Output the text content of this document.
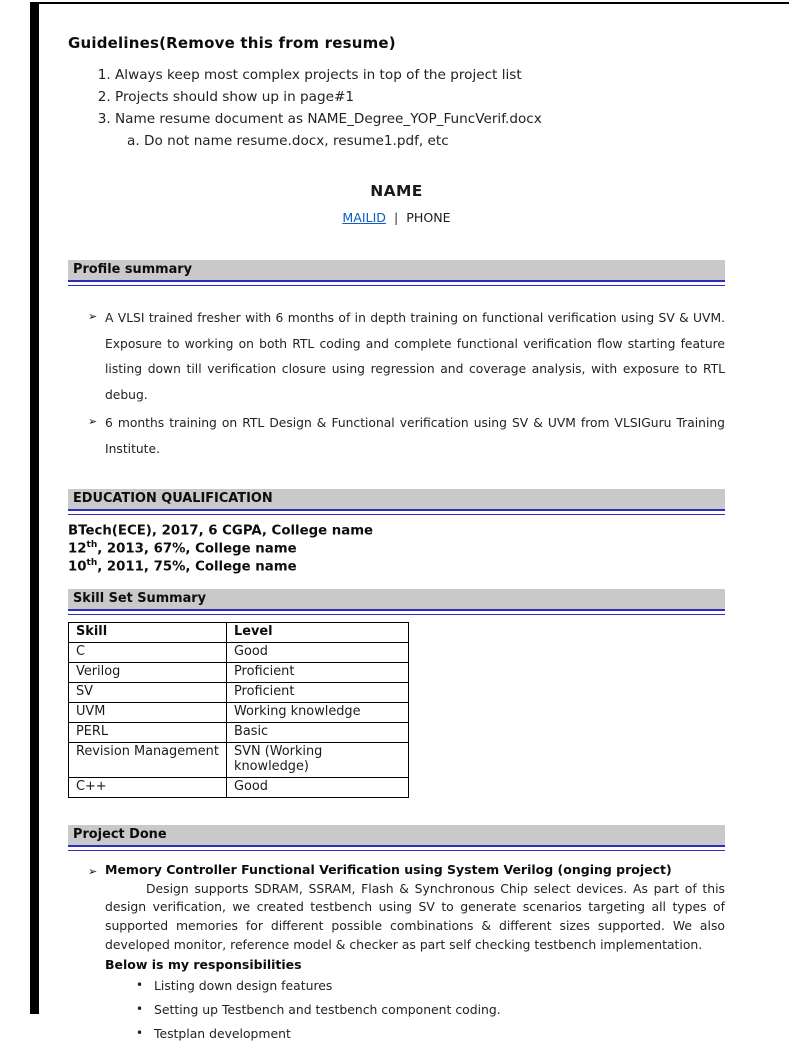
Guidelines(Remove this from resume)
1. Always keep most complex projects in top of the project list
2. Projects should show up in page#1
3. Name resume document as NAME_Degree_YOP_FuncVerif.docx
a. Do not name resume.docx, resume1.pdf, etc
NAME
MAILID | PHONE
Profile summary
➢ A VLSI trained fresher with 6 months of in depth training on functional verification using SV & UVM. Exposure to working on both RTL coding and complete functional verification flow starting feature listing down till verification closure using regression and coverage analysis, with exposure to RTL debug.
➢ 6 months training on RTL Design & Functional verification using SV & UVM from VLSIGuru Training Institute.
EDUCATION QUALIFICATION
BTech(ECE), 2017, 6 CGPA, College name
12th, 2013, 67%, College name
10th, 2011, 75%, College name
Skill Set Summary
Skill	Level
C	Good
Verilog	Proficient
SV	Proficient
UVM	Working knowledge
PERL	Basic
Revision Management	SVN (Working knowledge)
C++	Good
Project Done
➢ Memory Controller Functional Verification using System Verilog (onging project)

Design supports SDRAM, SSRAM, Flash & Synchronous Chip select devices. As part of this design verification, we created testbench using SV to generate scenarios targeting all types of supported memories for different possible combinations & different sizes supported. We also developed monitor, reference model & checker as part self checking testbench implementation.

Below is my responsibilities
• Listing down design features
• Setting up Testbench and testbench component coding.
• Testplan development
